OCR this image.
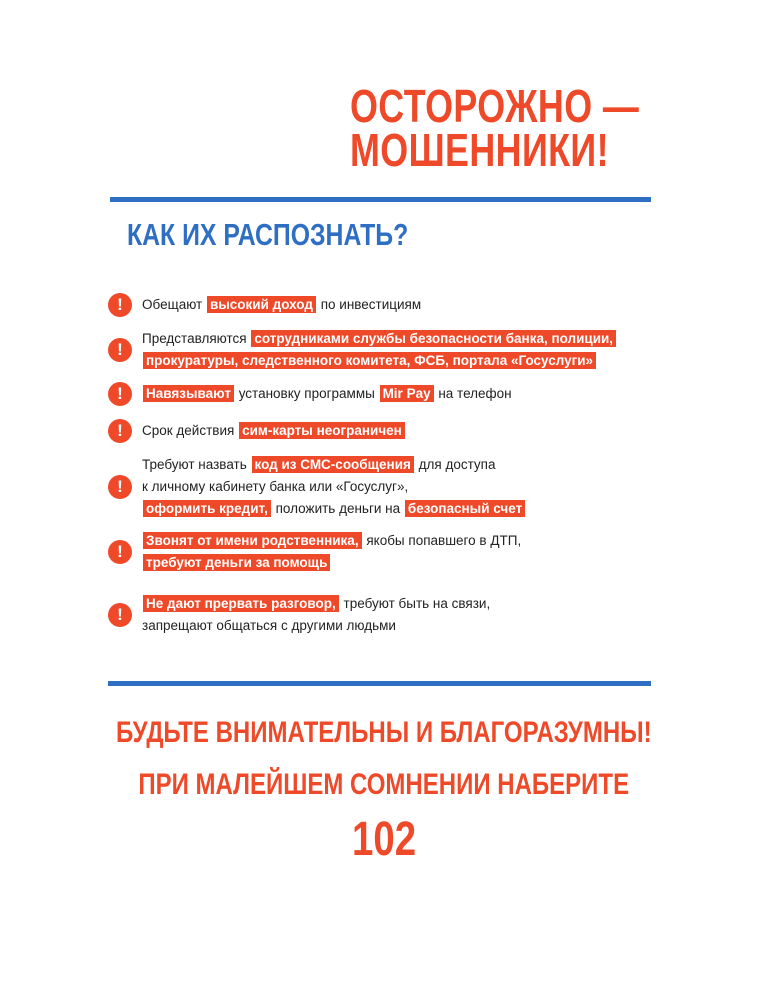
ОСТОРОЖНО —
МОШЕННИКИ!
КАК ИХ РАСПОЗНАТЬ?
!	Обещают высокий доход по инвестициям
!
Представляются сотрудниками службы безопасности банка, полиции,
прокуратуры, следственного комитета, ФСБ, портала «Госуслуги»
!	Навязывают установку программы Mir Pay на телефон
!	Срок действия сим-карты неограничен
!
Требуют назвать код из СМС-сообщения для доступа
к личному кабинету банка или «Госуслуг»,
оформить кредит, положить деньги на безопасный счет
!
Звонят от имени родственника, якобы попавшего в ДТП,
требуют деньги за помощь
!
Не дают прервать разговор, требуют быть на связи,
запрещают общаться с другими людьми
БУДЬТЕ ВНИМАТЕЛЬНЫ И БЛАГОРАЗУМНЫ!
ПРИ МАЛЕЙШЕМ СОМНЕНИИ НАБЕРИТЕ
102
